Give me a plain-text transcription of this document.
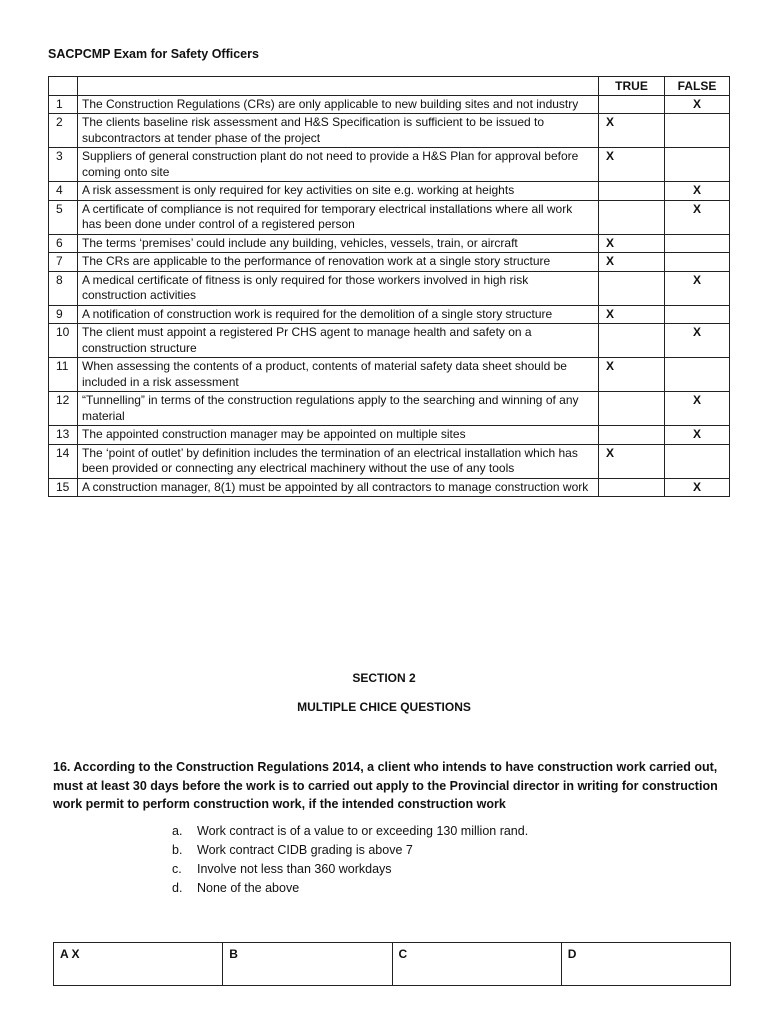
SACPCMP Exam for Safety Officers
		TRUE	FALSE
1	The Construction Regulations (CRs) are only applicable to new building sites and not industry		X
2	The clients baseline risk assessment and H&S Specification is sufficient to be issued to subcontractors at tender phase of the project	X	
3	Suppliers of general construction plant do not need to provide a H&S Plan for approval before coming onto site	X	
4	A risk assessment is only required for key activities on site e.g. working at heights		X
5	A certificate of compliance is not required for temporary electrical installations where all work has been done under control of a registered person		X
6	The terms ‘premises’ could include any building, vehicles, vessels, train, or aircraft	X	
7	The CRs are applicable to the performance of renovation work at a single story structure	X	
8	A medical certificate of fitness is only required for those workers involved in high risk construction activities		X
9	A notification of construction work is required for the demolition of a single story structure	X	
10	The client must appoint a registered Pr CHS agent to manage health and safety on a construction structure		X
11	When assessing the contents of a product, contents of material safety data sheet should be included in a risk assessment	X	
12	“Tunnelling” in terms of the construction regulations apply to the searching and winning of any material		X
13	The appointed construction manager may be appointed on multiple sites		X
14	The ‘point of outlet’ by definition includes the termination of an electrical installation which has been provided or connecting any electrical machinery without the use of any tools	X	
15	A construction manager, 8(1) must be appointed by all contractors to manage construction work		X
SECTION 2
MULTIPLE CHICE QUESTIONS
16. According to the Construction Regulations 2014, a client who intends to have construction work carried out, must at least 30 days before the work is to carried out apply to the Provincial director in writing for construction work permit to perform construction work, if the intended construction work
a.	Work contract is of a value to or exceeding 130 million rand.
b.	Work contract CIDB grading is above 7
c.	Involve not less than 360 workdays
d.	None of the above
A X	B	C	D
